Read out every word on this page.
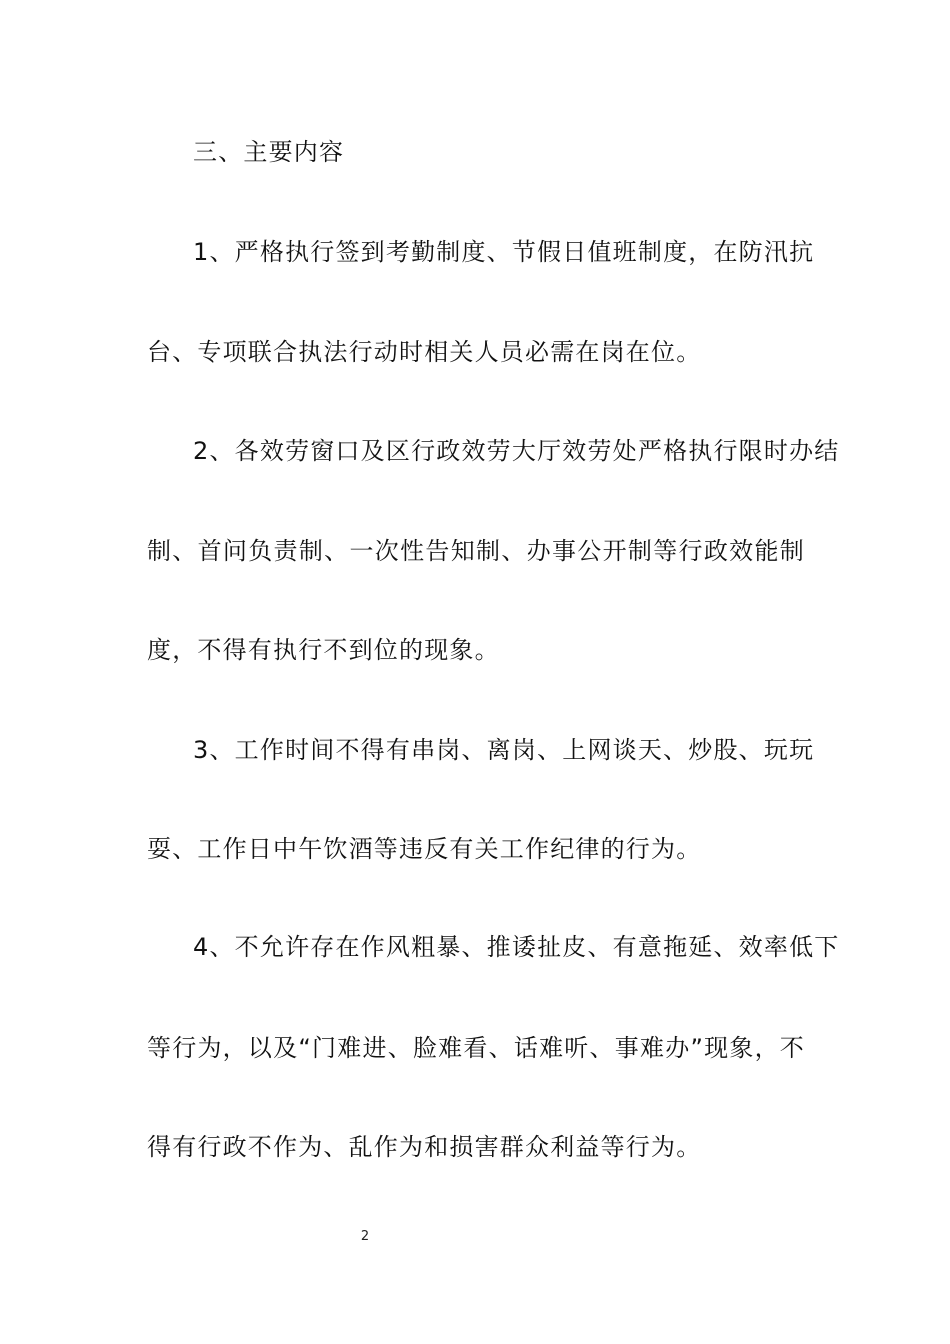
三、主要内容
1、严格执行签到考勤制度、节假日值班制度，在防汛抗
台、专项联合执法行动时相关人员必需在岗在位。
2、各效劳窗口及区行政效劳大厅效劳处严格执行限时办结
制、首问负责制、一次性告知制、办事公开制等行政效能制
度，不得有执行不到位的现象。
3、工作时间不得有串岗、离岗、上网谈天、炒股、玩玩
耍、工作日中午饮酒等违反有关工作纪律的行为。
4、不允许存在作风粗暴、推诿扯皮、有意拖延、效率低下
等行为，以及“门难进、脸难看、话难听、事难办”现象，不
得有行政不作为、乱作为和损害群众利益等行为。
2
